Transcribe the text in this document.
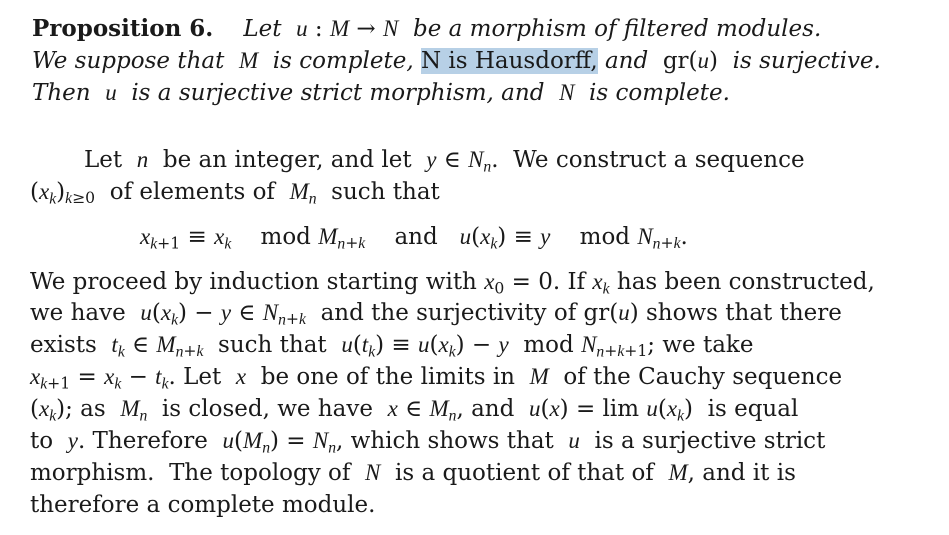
Proposition 6. Let  u : M → N  be a morphism of filtered modules.
We suppose that  M  is complete, N is Hausdorff, and  gr(u)  is surjective.
Then  u  is a surjective strict morphism, and  N  is complete.
Let  n  be an integer, and let  y ∈ $N_n$.  We construct a sequence
$(x_k)_{k\ge 0}$  of elements of  $M_n$  such that
$x_{k+1} \equiv x_k$    mod $M_{n+k}$    and   $u(x_k) \equiv y$    mod $N_{n+k}$.
We proceed by induction starting with $x_0 = 0$. If $x_k$ has been constructed,
we have  $u(x_k) - y$ ∈ $N_{n+k}$  and the surjectivity of gr(u) shows that there
exists  $t_k$ ∈ $M_{n+k}$  such that  $u(t_k) \equiv u(x_k) - y$  mod $N_{n+k+1}$; we take
$x_{k+1} = x_k - t_k$. Let  x  be one of the limits in  M  of the Cauchy sequence
$(x_k)$; as  $M_n$  is closed, we have  x ∈ $M_n$, and  $u(x) = \lim u(x_k)$  is equal
to  y. Therefore  $u(M_n) = N_n$, which shows that  u  is a surjective strict
morphism.  The topology of  N  is a quotient of that of  M, and it is
therefore a complete module.
